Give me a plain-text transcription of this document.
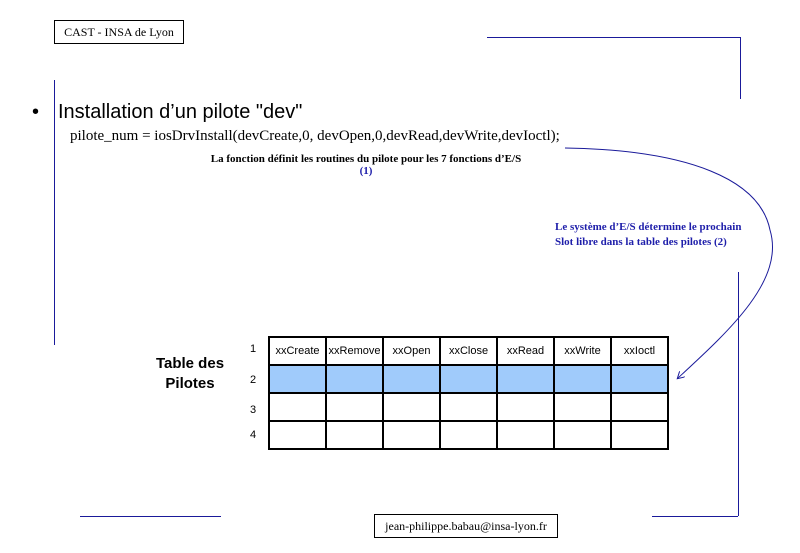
CAST - INSA de Lyon
• Installation d’un pilote "dev"
pilote_num = iosDrvInstall(devCreate,0, devOpen,0,devRead,devWrite,devIoctl);
La fonction définit les routines du pilote pour les 7 fonctions d’E/S
(1)
Le système d’E/S détermine le prochain
Slot libre dans la table des pilotes (2)
Table des
Pilotes
1
2
3
4
xxCreate	xxRemove	xxOpen	xxClose	xxRead	xxWrite	xxIoctl

jean-philippe.babau@insa-lyon.fr
